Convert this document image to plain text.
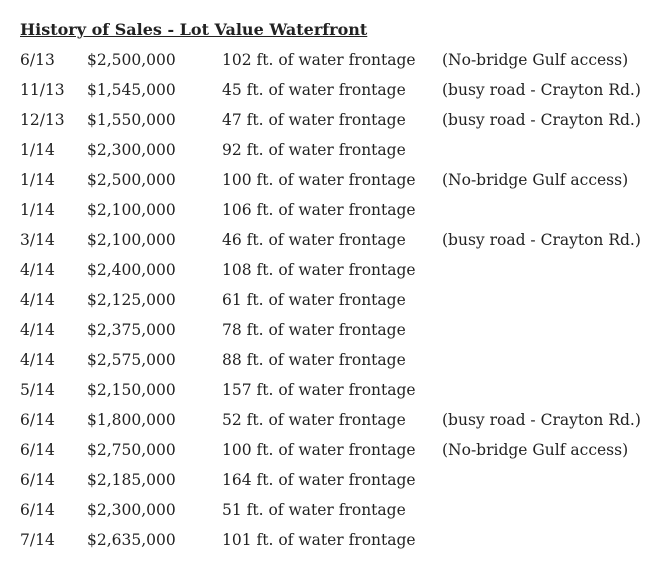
History of Sales - Lot Value Waterfront
6/13	$2,500,000	102 ft. of water frontage	(No-bridge Gulf access)
11/13	$1,545,000	45 ft. of water frontage	(busy road - Crayton Rd.)
12/13	$1,550,000	47 ft. of water frontage	(busy road - Crayton Rd.)
1/14	$2,300,000	92 ft. of water frontage	
1/14	$2,500,000	100 ft. of water frontage	(No-bridge Gulf access)
1/14	$2,100,000	106 ft. of water frontage	
3/14	$2,100,000	46 ft. of water frontage	(busy road - Crayton Rd.)
4/14	$2,400,000	108 ft. of water frontage	
4/14	$2,125,000	61 ft. of water frontage	
4/14	$2,375,000	78 ft. of water frontage	
4/14	$2,575,000	88 ft. of water frontage	
5/14	$2,150,000	157 ft. of water frontage	
6/14	$1,800,000	52 ft. of water frontage	(busy road - Crayton Rd.)
6/14	$2,750,000	100 ft. of water frontage	(No-bridge Gulf access)
6/14	$2,185,000	164 ft. of water frontage	
6/14	$2,300,000	51 ft. of water frontage	
7/14	$2,635,000	101 ft. of water frontage	
